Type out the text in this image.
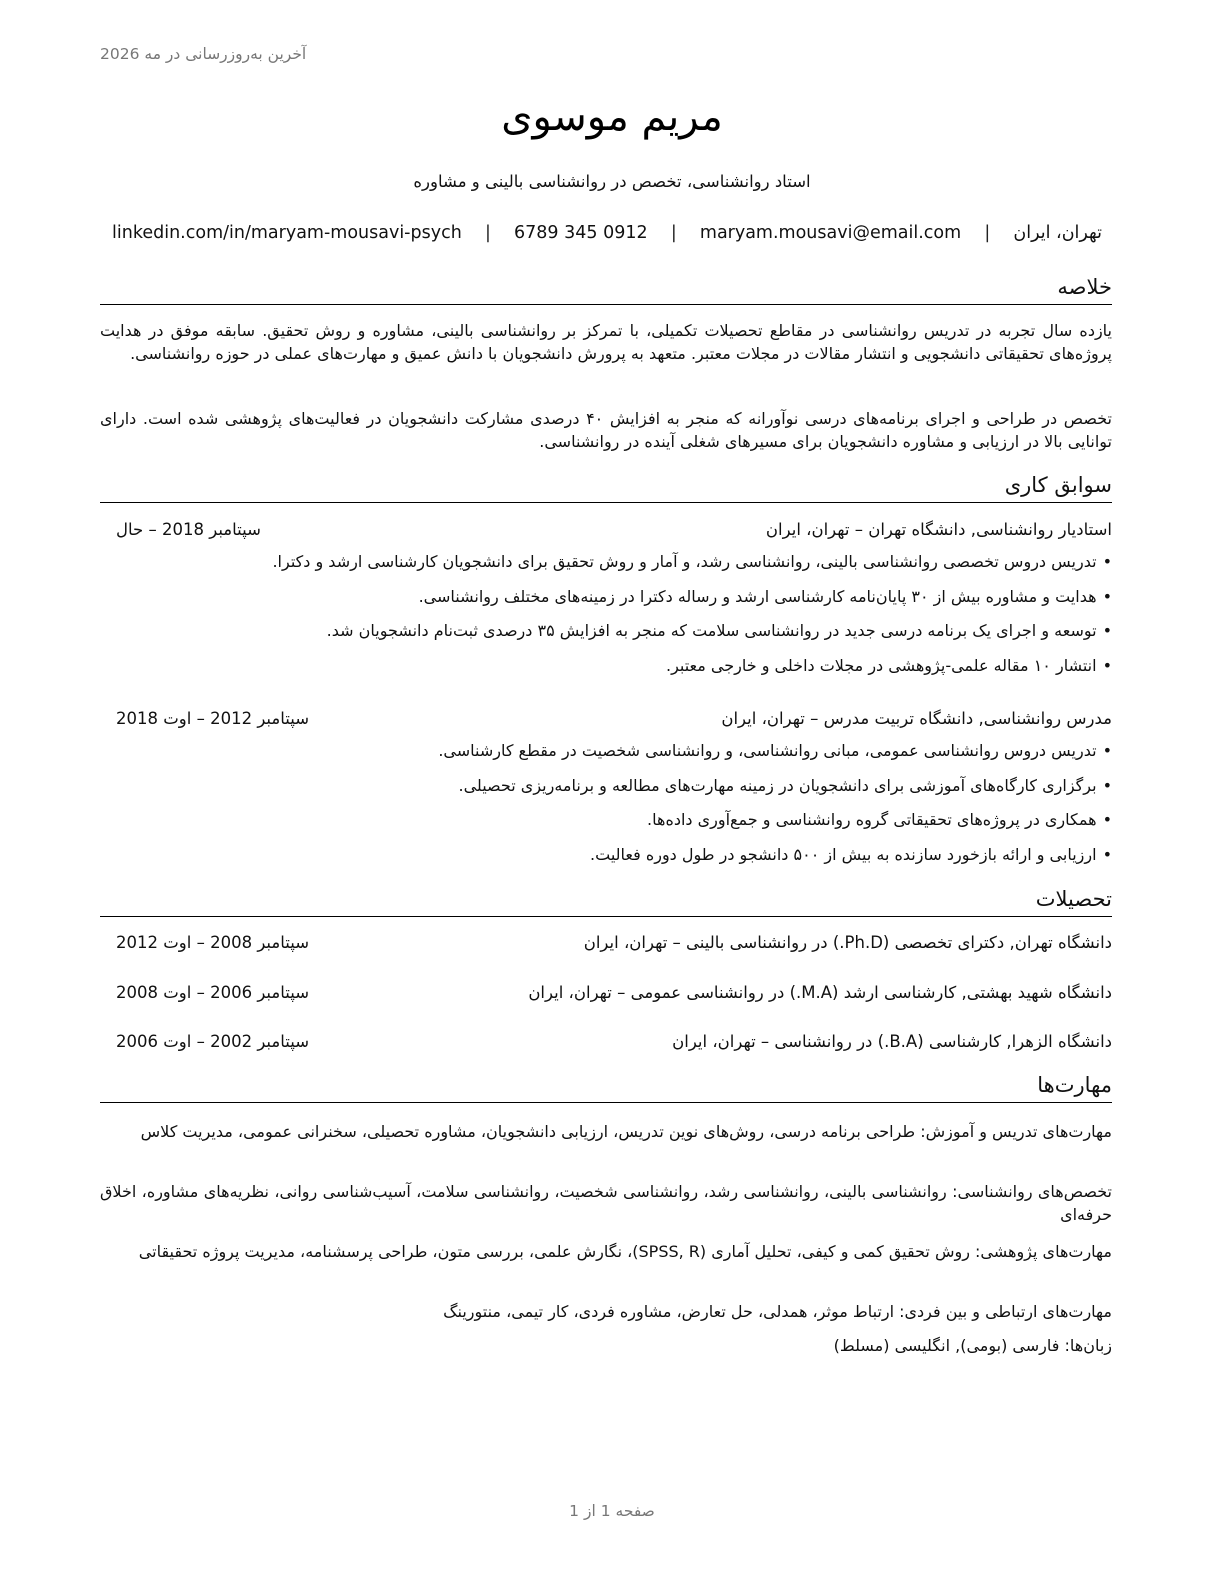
آخرین به‌روزرسانی در مه 2026
مریم موسوی
استاد روانشناسی، تخصص در روانشناسی بالینی و مشاوره
تهران، ایران
|
maryam.mousavi@email.com
|
0912 345 6789
|
linkedin.com/in/maryam-mousavi-psych
خلاصه
یازده سال تجربه در تدریس روانشناسی در مقاطع تحصیلات تکمیلی، با تمرکز بر روانشناسی بالینی، مشاوره و روش تحقیق. سابقه موفق در هدایت پروژه‌های تحقیقاتی دانشجویی و انتشار مقالات در مجلات معتبر. متعهد به پرورش دانشجویان با دانش عمیق و مهارت‌های عملی در حوزه روانشناسی.
تخصص در طراحی و اجرای برنامه‌های درسی نوآورانه که منجر به افزایش ۴۰ درصدی مشارکت دانشجویان در فعالیت‌های پژوهشی شده است. دارای توانایی بالا در ارزیابی و مشاوره دانشجویان برای مسیرهای شغلی آینده در روانشناسی.
سوابق کاری
استادیار روانشناسی, دانشگاه تهران – تهران، ایران
سپتامبر 2018 – حال
•تدریس دروس تخصصی روانشناسی بالینی، روانشناسی رشد، و آمار و روش تحقیق برای دانشجویان کارشناسی ارشد و دکترا.
•هدایت و مشاوره بیش از ۳۰ پایان‌نامه کارشناسی ارشد و رساله دکترا در زمینه‌های مختلف روانشناسی.
•توسعه و اجرای یک برنامه درسی جدید در روانشناسی سلامت که منجر به افزایش ۳۵ درصدی ثبت‌نام دانشجویان شد.
•انتشار ۱۰ مقاله علمی-پژوهشی در مجلات داخلی و خارجی معتبر.
مدرس روانشناسی, دانشگاه تربیت مدرس – تهران، ایران
سپتامبر 2012 – اوت 2018
•تدریس دروس روانشناسی عمومی، مبانی روانشناسی، و روانشناسی شخصیت در مقطع کارشناسی.
•برگزاری کارگاه‌های آموزشی برای دانشجویان در زمینه مهارت‌های مطالعه و برنامه‌ریزی تحصیلی.
•همکاری در پروژه‌های تحقیقاتی گروه روانشناسی و جمع‌آوری داده‌ها.
•ارزیابی و ارائه بازخورد سازنده به بیش از ۵۰۰ دانشجو در طول دوره فعالیت.
تحصیلات
دانشگاه تهران, دکترای تخصصی (Ph.D.) در روانشناسی بالینی – تهران، ایران
سپتامبر 2008 – اوت 2012
دانشگاه شهید بهشتی, کارشناسی ارشد (M.A.) در روانشناسی عمومی – تهران، ایران
سپتامبر 2006 – اوت 2008
دانشگاه الزهرا, کارشناسی (B.A.) در روانشناسی – تهران، ایران
سپتامبر 2002 – اوت 2006
مهارت‌ها
مهارت‌های تدریس و آموزش: طراحی برنامه درسی، روش‌های نوین تدریس، ارزیابی دانشجویان، مشاوره تحصیلی، سخنرانی عمومی، مدیریت کلاس
تخصص‌های روانشناسی: روانشناسی بالینی، روانشناسی رشد، روانشناسی شخصیت، روانشناسی سلامت، آسیب‌شناسی روانی، نظریه‌های مشاوره، اخلاق حرفه‌ای
مهارت‌های پژوهشی: روش تحقیق کمی و کیفی، تحلیل آماری (SPSS, R)، نگارش علمی، بررسی متون، طراحی پرسشنامه، مدیریت پروژه تحقیقاتی
مهارت‌های ارتباطی و بین فردی: ارتباط موثر، همدلی، حل تعارض، مشاوره فردی، کار تیمی، منتورینگ
زبان‌ها: فارسی (بومی), انگلیسی (مسلط)
صفحه 1 از 1
